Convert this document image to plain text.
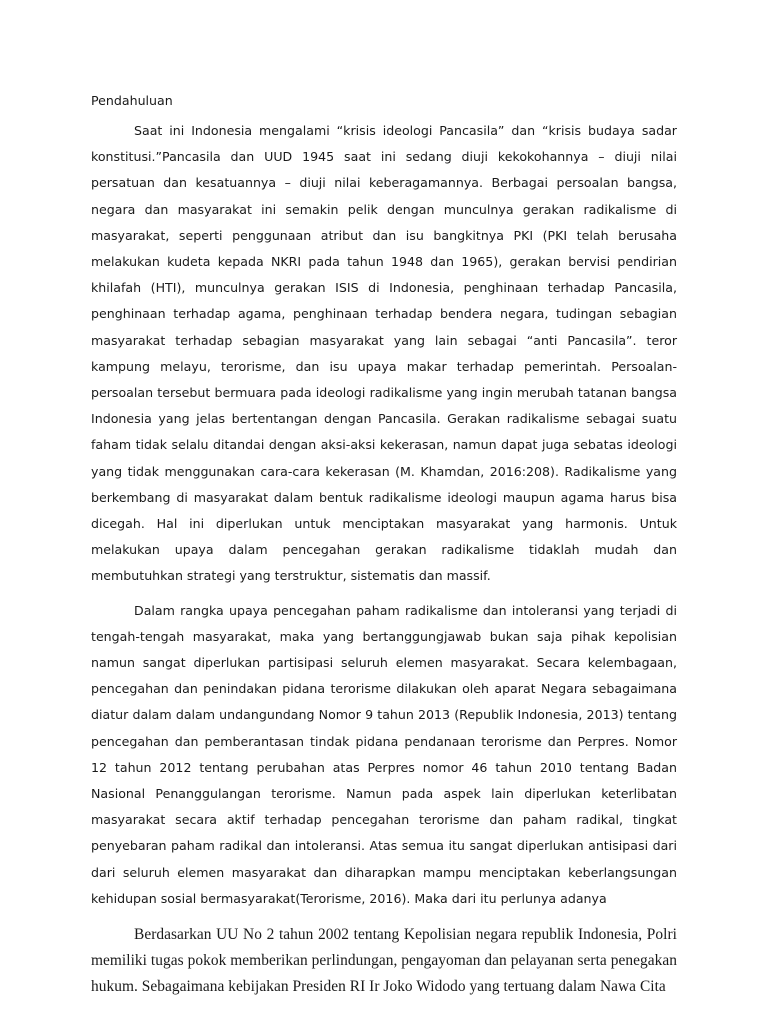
Pendahuluan

Saat ini Indonesia mengalami “krisis ideologi Pancasila” dan “krisis budaya sadar konstitusi.”Pancasila dan UUD 1945 saat ini sedang diuji kekokohannya – diuji nilai persatuan dan kesatuannya – diuji nilai keberagamannya. Berbagai persoalan bangsa, negara dan masyarakat ini semakin pelik dengan munculnya gerakan radikalisme di masyarakat, seperti penggunaan atribut dan isu bangkitnya PKI (PKI telah berusaha melakukan kudeta kepada NKRI pada tahun 1948 dan 1965), gerakan bervisi pendirian khilafah (HTI), munculnya gerakan ISIS di Indonesia, penghinaan terhadap Pancasila, penghinaan terhadap agama, penghinaan terhadap bendera negara, tudingan sebagian masyarakat terhadap sebagian masyarakat yang lain sebagai “anti Pancasila”. teror kampung melayu, terorisme, dan isu upaya makar terhadap pemerintah. Persoalan-persoalan tersebut bermuara pada ideologi radikalisme yang ingin merubah tatanan bangsa Indonesia yang jelas bertentangan dengan Pancasila. Gerakan radikalisme sebagai suatu faham tidak selalu ditandai dengan aksi-aksi kekerasan, namun dapat juga sebatas ideologi yang tidak menggunakan cara-cara kekerasan (M. Khamdan, 2016:208). Radikalisme yang berkembang di masyarakat dalam bentuk radikalisme ideologi maupun agama harus bisa dicegah. Hal ini diperlukan untuk menciptakan masyarakat yang harmonis. Untuk melakukan upaya dalam pencegahan gerakan radikalisme tidaklah mudah dan membutuhkan strategi yang terstruktur, sistematis dan massif.

Dalam rangka upaya pencegahan paham radikalisme dan intoleransi yang terjadi di tengah-tengah masyarakat, maka yang bertanggungjawab bukan saja pihak kepolisian namun sangat diperlukan partisipasi seluruh elemen masyarakat. Secara kelembagaan, pencegahan dan penindakan pidana terorisme dilakukan oleh aparat Negara sebagaimana diatur dalam dalam undangundang Nomor 9 tahun 2013 (Republik Indonesia, 2013) tentang pencegahan dan pemberantasan tindak pidana pendanaan terorisme dan Perpres. Nomor 12 tahun 2012 tentang perubahan atas Perpres nomor 46 tahun 2010 tentang Badan Nasional Penanggulangan terorisme. Namun pada aspek lain diperlukan keterlibatan masyarakat secara aktif terhadap pencegahan terorisme dan paham radikal, tingkat penyebaran paham radikal dan intoleransi. Atas semua itu sangat diperlukan antisipasi dari dari seluruh elemen masyarakat dan diharapkan mampu menciptakan keberlangsungan kehidupan sosial bermasyarakat(Terorisme, 2016). Maka dari itu perlunya adanya

Berdasarkan UU No 2 tahun 2002 tentang Kepolisian negara republik Indonesia, Polri memiliki tugas pokok memberikan perlindungan, pengayoman dan pelayanan serta penegakan hukum. Sebagaimana kebijakan Presiden RI Ir Joko Widodo yang tertuang dalam Nawa Cita
